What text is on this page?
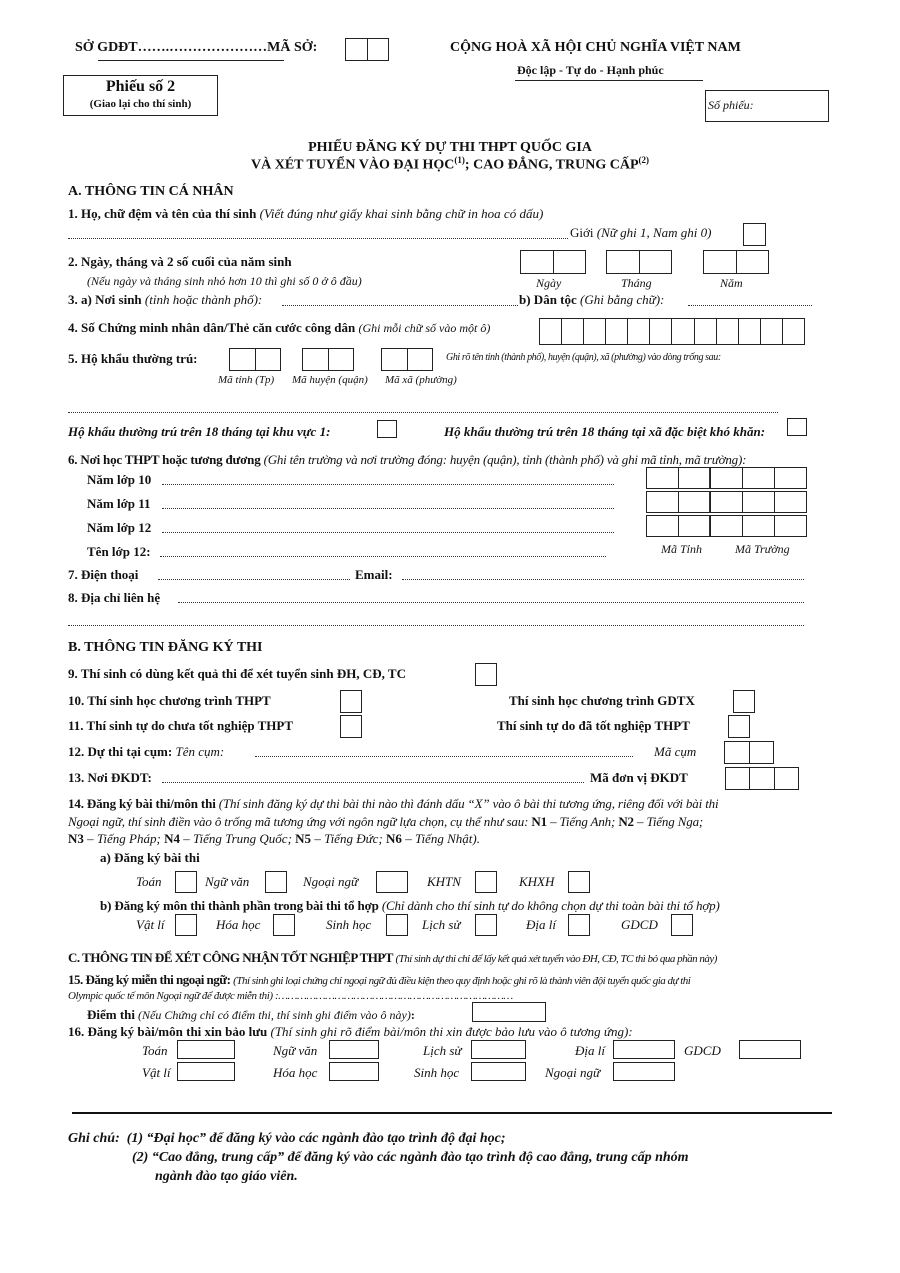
SỞ GDĐT…….…………………MÃ SỞ:	CỘNG HOÀ XÃ HỘI CHỦ NGHĨA VIỆT NAM
Độc lập - Tự do - Hạnh phúc
Phiếu số 2
(Giao lại cho thí sinh)	Số phiếu:
PHIẾU ĐĂNG KÝ DỰ THI THPT QUỐC GIA
VÀ XÉT TUYỂN VÀO ĐẠI HỌC$^{(1)}$; CAO ĐẲNG, TRUNG CẤP$^{(2)}$
A. THÔNG TIN CÁ NHÂN
1. Họ, chữ đệm và tên của thí sinh (Viết đúng như giấy khai sinh bằng chữ in hoa có dấu)
Giới (Nữ ghi 1, Nam ghi 0)
2. Ngày, tháng và 2 số cuối của năm sinh
(Nếu ngày và tháng sinh nhỏ hơn 10 thì ghi số 0 ở ô đầu)	Ngày	Tháng	Năm
3. a) Nơi sinh (tỉnh hoặc thành phố):	b) Dân tộc (Ghi bằng chữ):
4. Số Chứng minh nhân dân/Thẻ căn cước công dân (Ghi mỗi chữ số vào một ô)
5. Hộ khẩu thường trú:	Ghi rõ tên tỉnh (thành phố), huyện (quận), xã (phường) vào dòng trống sau:
Mã tỉnh (Tp) Mã huyện (quận) Mã xã (phường)
Hộ khẩu thường trú trên 18 tháng tại khu vực 1:	Hộ khẩu thường trú trên 18 tháng tại xã đặc biệt khó khăn:
6. Nơi học THPT hoặc tương đương (Ghi tên trường và nơi trường đóng: huyện (quận), tỉnh (thành phố) và ghi mã tỉnh, mã trường):
Năm lớp 10
Năm lớp 11
Năm lớp 12
Tên lớp 12:	Mã Tỉnh	Mã Trường
7. Điện thoại	Email:
8. Địa chỉ liên hệ
B. THÔNG TIN ĐĂNG KÝ THI
9. Thí sinh có dùng kết quả thi để xét tuyển sinh ĐH, CĐ, TC
10. Thí sinh học chương trình THPT	Thí sinh học chương trình GDTX
11. Thí sinh tự do chưa tốt nghiệp THPT	Thí sinh tự do đã tốt nghiệp THPT
12. Dự thi tại cụm: Tên cụm:	Mã cụm
13. Nơi ĐKDT:	Mã đơn vị ĐKDT
14. Đăng ký bài thi/môn thi (Thí sinh đăng ký dự thi bài thi nào thì đánh dấu “X” vào ô bài thi tương ứng, riêng đối với bài thi
Ngoại ngữ, thí sinh điền vào ô trống mã tương ứng với ngôn ngữ lựa chọn, cụ thể như sau: N1 – Tiếng Anh; N2 – Tiếng Nga;
N3 – Tiếng Pháp; N4 – Tiếng Trung Quốc; N5 – Tiếng Đức; N6 – Tiếng Nhật).
a) Đăng ký bài thi
Toán	Ngữ văn	Ngoại ngữ	KHTN	KHXH
b) Đăng ký môn thi thành phần trong bài thi tổ hợp (Chỉ dành cho thí sinh tự do không chọn dự thi toàn bài thi tổ hợp)
Vật lí	Hóa học	Sinh học	Lịch sử	Địa lí	GDCD
C. THÔNG TIN ĐỂ XÉT CÔNG NHẬN TỐT NGHIỆP THPT (Thí sinh dự thi chỉ để lấy kết quả xét tuyển vào ĐH, CĐ, TC thì bỏ qua phần này)
15. Đăng ký miễn thi ngoại ngữ: (Thí sinh ghi loại chứng chỉ ngoại ngữ đủ điều kiện theo quy định hoặc ghi rõ là thành viên đội tuyển quốc gia dự thi
Olympic quốc tế môn Ngoại ngữ để được miễn thi) :…………………………………………………………………
Điểm thi (Nếu Chứng chỉ có điểm thi, thí sinh ghi điểm vào ô này):
16. Đăng ký bài/môn thi xin bảo lưu (Thí sinh ghi rõ điểm bài/môn thi xin được bảo lưu vào ô tương ứng):
Toán	Ngữ văn	Lịch sử	Địa lí	GDCD
Vật lí	Hóa học	Sinh học	Ngoại ngữ
Ghi chú: (1) “Đại học” để đăng ký vào các ngành đào tạo trình độ đại học;
(2) “Cao đẳng, trung cấp” để đăng ký vào các ngành đào tạo trình độ cao đẳng, trung cấp nhóm
ngành đào tạo giáo viên.
